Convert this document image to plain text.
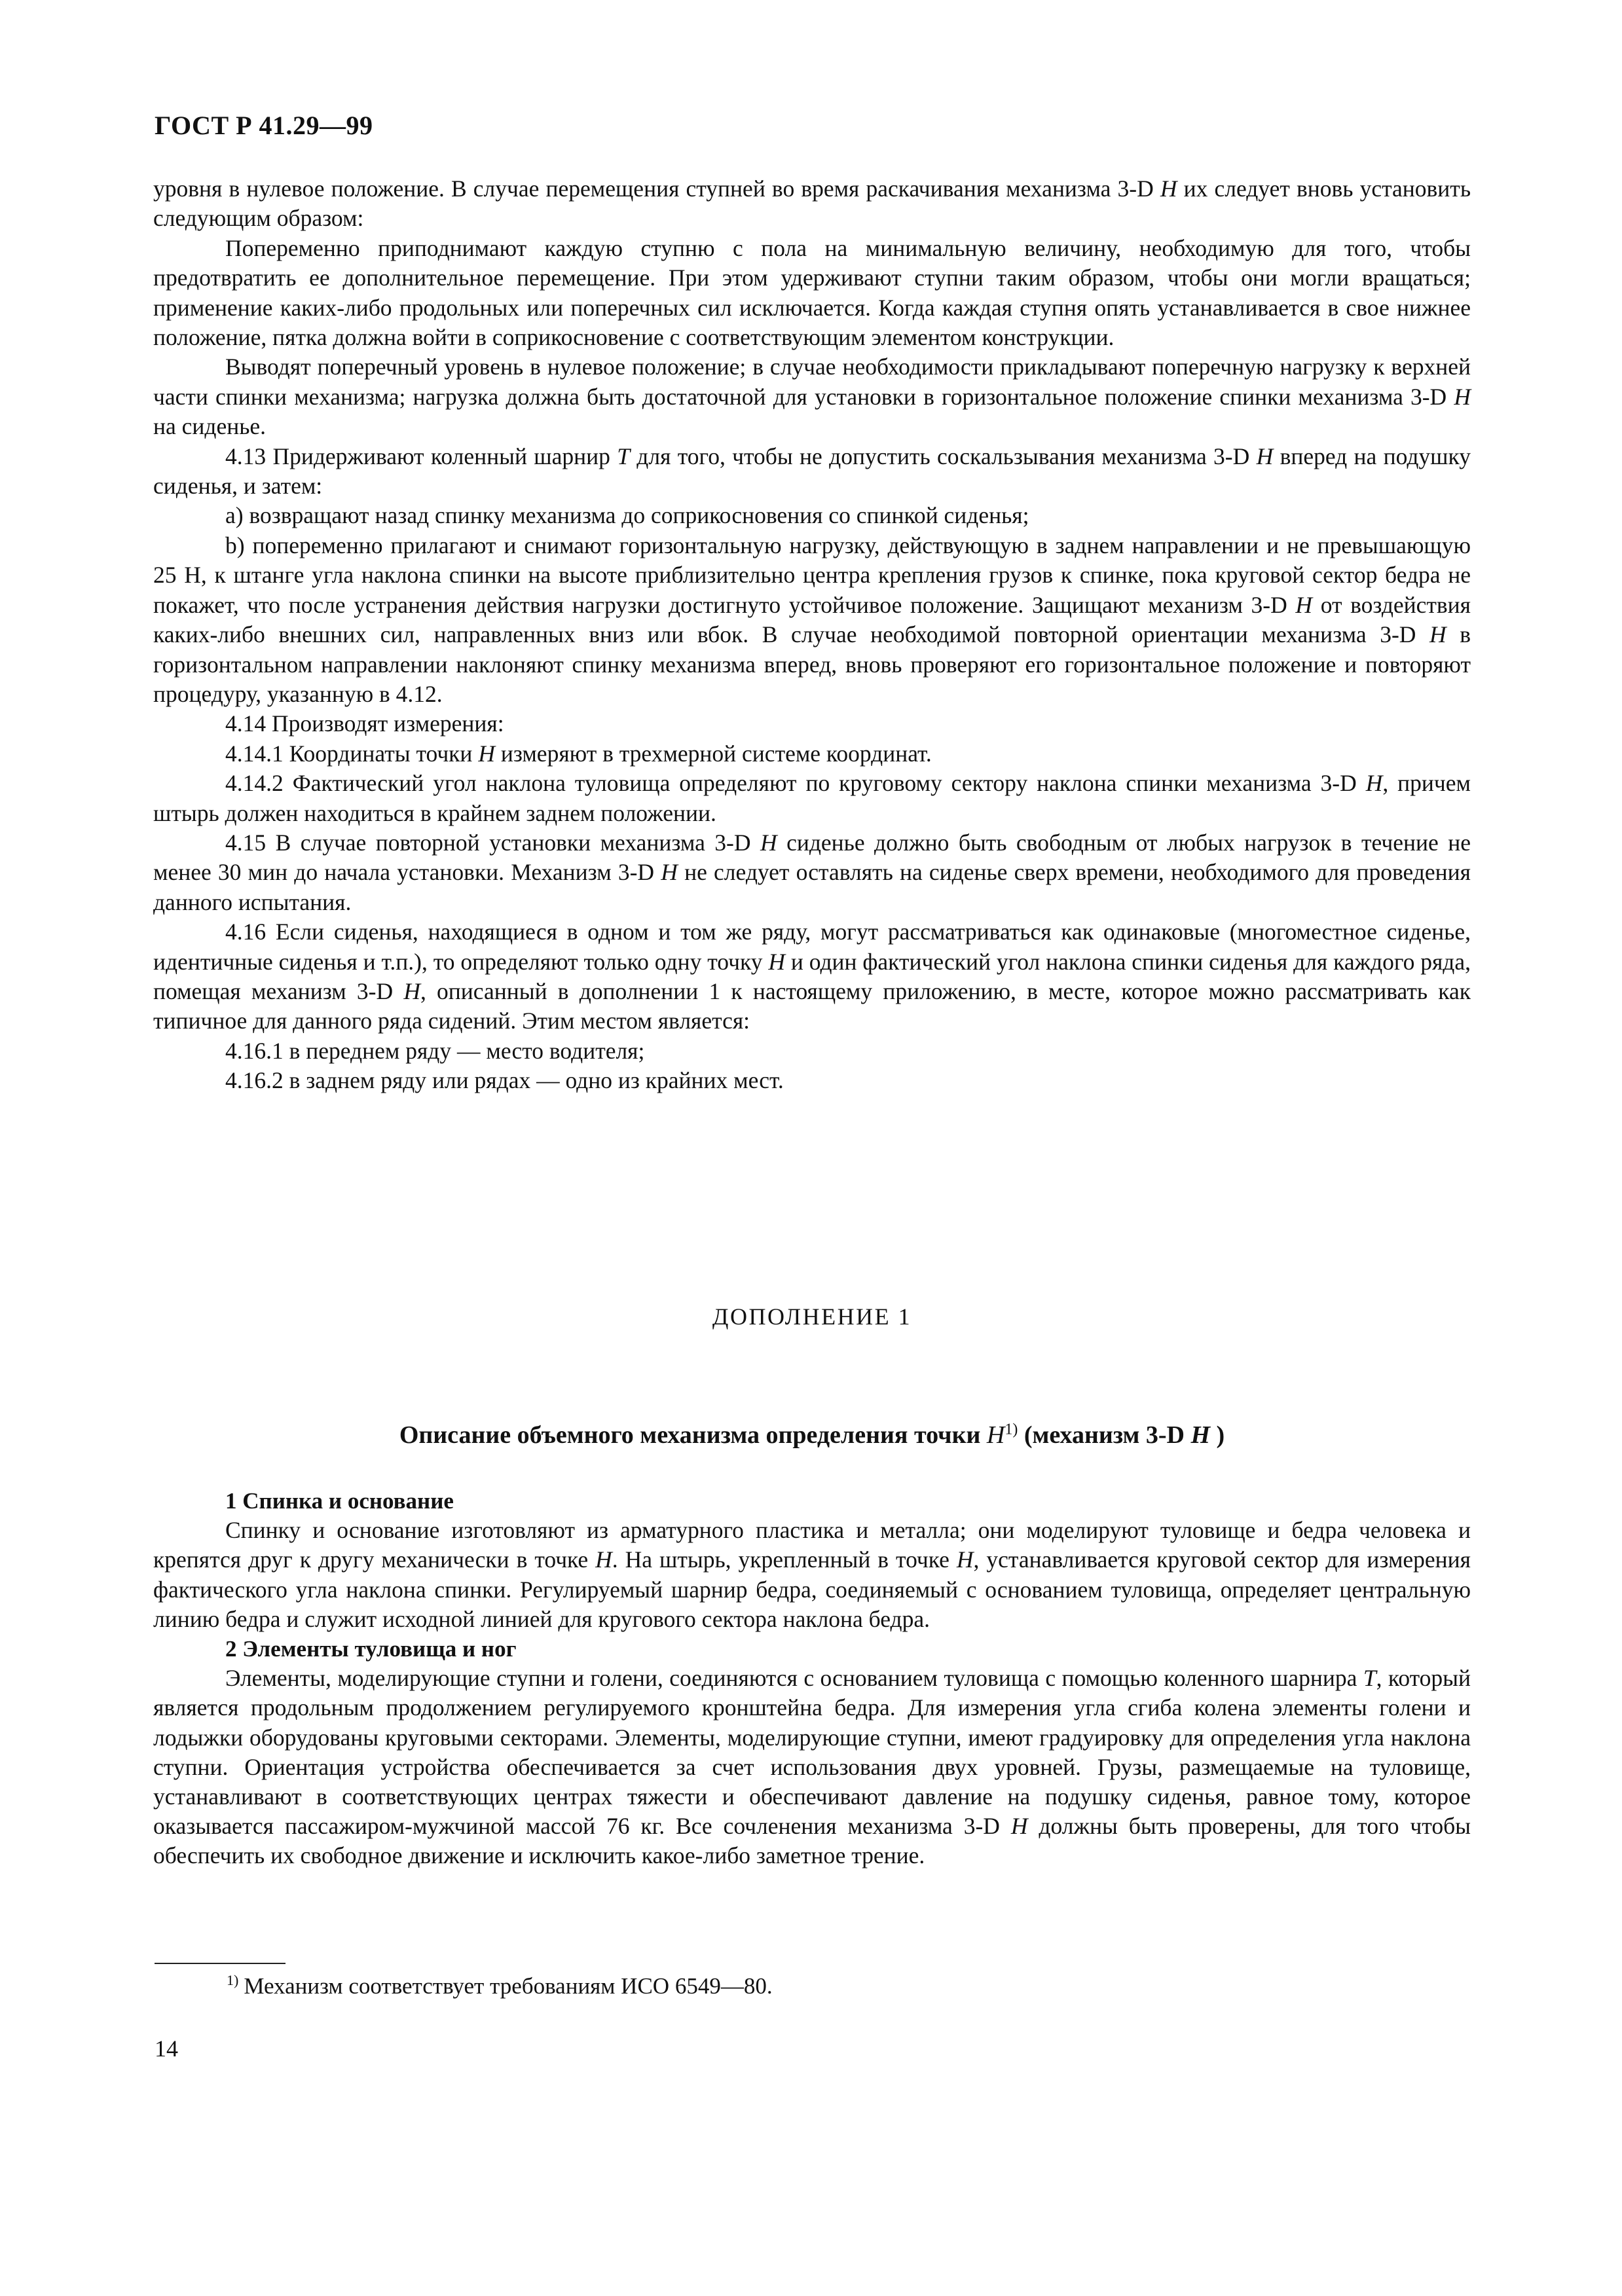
ГОСТ Р 41.29—99

уровня в нулевое положение. В случае перемещения ступней во время раскачивания механизма 3-D H их следует вновь установить следующим образом:

Попеременно приподнимают каждую ступню с пола на минимальную величину, необходимую для того, чтобы предотвратить ее дополнительное перемещение. При этом удерживают ступни таким образом, чтобы они могли вращаться; применение каких-либо продольных или поперечных сил исключается. Когда каждая ступня опять устанавливается в свое нижнее положение, пятка должна войти в соприкосновение с соответствующим элементом конструкции.

Выводят поперечный уровень в нулевое положение; в случае необходимости прикладывают поперечную нагрузку к верхней части спинки механизма; нагрузка должна быть достаточной для установки в горизонтальное положение спинки механизма 3-D H на сиденье.

4.13 Придерживают коленный шарнир T для того, чтобы не допустить соскальзывания механизма 3-D H вперед на подушку сиденья, и затем:

а) возвращают назад спинку механизма до соприкосновения со спинкой сиденья;

b) попеременно прилагают и снимают горизонтальную нагрузку, действующую в заднем направлении и не превышающую 25 Н, к штанге угла наклона спинки на высоте приблизительно центра крепления грузов к спинке, пока круговой сектор бедра не покажет, что после устранения действия нагрузки достигнуто устойчивое положение. Защищают механизм 3-D H от воздействия каких-либо внешних сил, направленных вниз или вбок. В случае необходимой повторной ориентации механизма 3-D H в горизонтальном направлении наклоняют спинку механизма вперед, вновь проверяют его горизонтальное положение и повторяют процедуру, указанную в 4.12.

4.14 Производят измерения:

4.14.1 Координаты точки H измеряют в трехмерной системе координат.

4.14.2 Фактический угол наклона туловища определяют по круговому сектору наклона спинки механизма 3-D H, причем штырь должен находиться в крайнем заднем положении.

4.15 В случае повторной установки механизма 3-D H сиденье должно быть свободным от любых нагрузок в течение не менее 30 мин до начала установки. Механизм 3-D H не следует оставлять на сиденье сверх времени, необходимого для проведения данного испытания.

4.16 Если сиденья, находящиеся в одном и том же ряду, могут рассматриваться как одинаковые (многоместное сиденье, идентичные сиденья и т.п.), то определяют только одну точку H и один фактический угол наклона спинки сиденья для каждого ряда, помещая механизм 3-D H, описанный в дополнении 1 к настоящему приложению, в месте, которое можно рассматривать как типичное для данного ряда сидений. Этим местом является:

4.16.1 в переднем ряду — место водителя;

4.16.2 в заднем ряду или рядах — одно из крайних мест.

ДОПОЛНЕНИЕ 1
Описание объемного механизма определения точки $H^{1)}$ (механизм 3-D H )
1 Спинка и основание

Спинку и основание изготовляют из арматурного пластика и металла; они моделируют туловище и бедра человека и крепятся друг к другу механически в точке H. На штырь, укрепленный в точке H, устанавливается круговой сектор для измерения фактического угла наклона спинки. Регулируемый шарнир бедра, соединяемый с основанием туловища, определяет центральную линию бедра и служит исходной линией для кругового сектора наклона бедра.

2 Элементы туловища и ног

Элементы, моделирующие ступни и голени, соединяются с основанием туловища с помощью коленного шарнира T, который является продольным продолжением регулируемого кронштейна бедра. Для измерения угла сгиба колена элементы голени и лодыжки оборудованы круговыми секторами. Элементы, моделирующие ступни, имеют градуировку для определения угла наклона ступни. Ориентация устройства обеспечивается за счет использования двух уровней. Грузы, размещаемые на туловище, устанавливают в соответствующих центрах тяжести и обеспечивают давление на подушку сиденья, равное тому, которое оказывается пассажиром-мужчиной массой 76 кг. Все сочленения механизма 3-D H должны быть проверены, для того чтобы обеспечить их свободное движение и исключить какое-либо заметное трение.

$^{1)}$ Механизм соответствует требованиям ИСО 6549—80.
14
